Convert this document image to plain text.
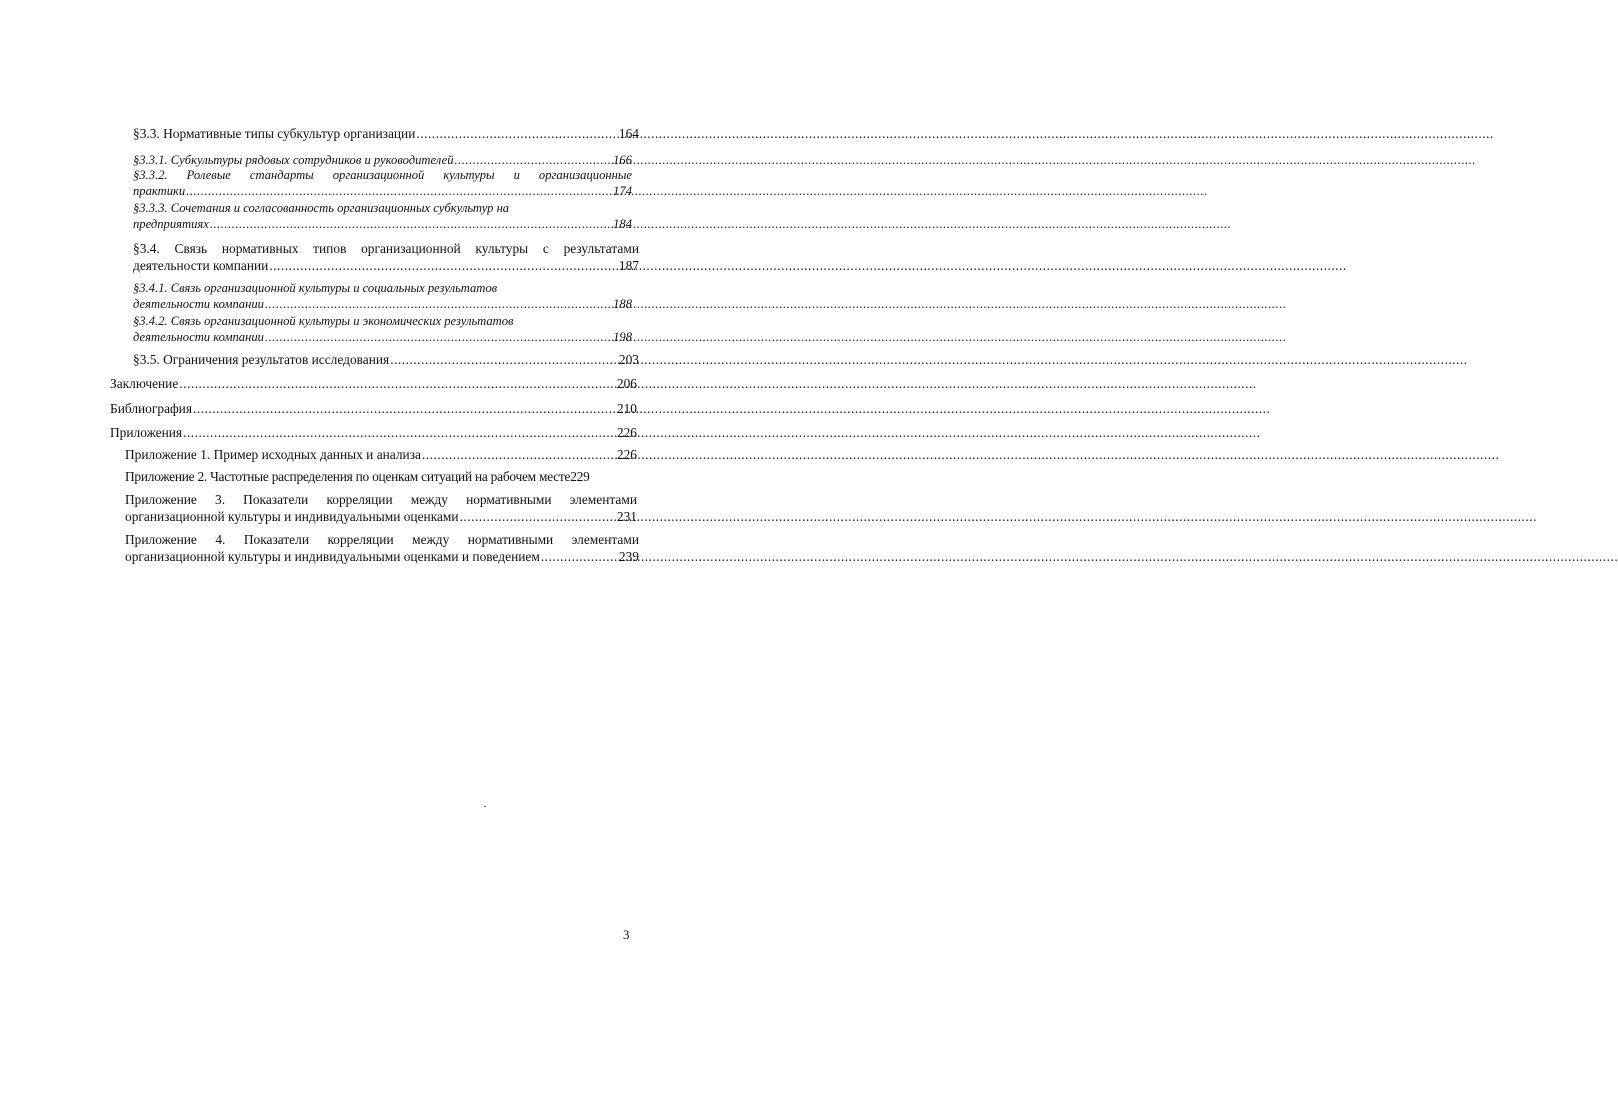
§3.3. Нормативные типы субкультур организации .....	164
§3.3.1. Субкультуры рядовых сотрудников и руководителей .....	166
§3.3.2. Ролевые стандарты организационной культуры и организационные
практики .....	174
§3.3.3. Сочетания и согласованность организационных субкультур на
предприятиях .....	184
§3.4. Связь нормативных типов организационной культуры с результатами
деятельности компании .....	187
§3.4.1. Связь организационной культуры и социальных результатов
деятельности компании .....	188
§3.4.2. Связь организационной культуры и экономических результатов
деятельности компании .....	198
§3.5. Ограничения результатов исследования .....	203
Заключение .....	206
Библиография .....	210
Приложения .....	226
Приложение 1. Пример исходных данных и анализа .....	226
Приложение 2. Частотные распределения по оценкам ситуаций на рабочем месте 229
Приложение 3. Показатели корреляции между нормативными элементами
организационной культуры и индивидуальными оценками .....	231
Приложение 4. Показатели корреляции между нормативными элементами
организационной культуры и индивидуальными оценками и поведением .....	239
3
